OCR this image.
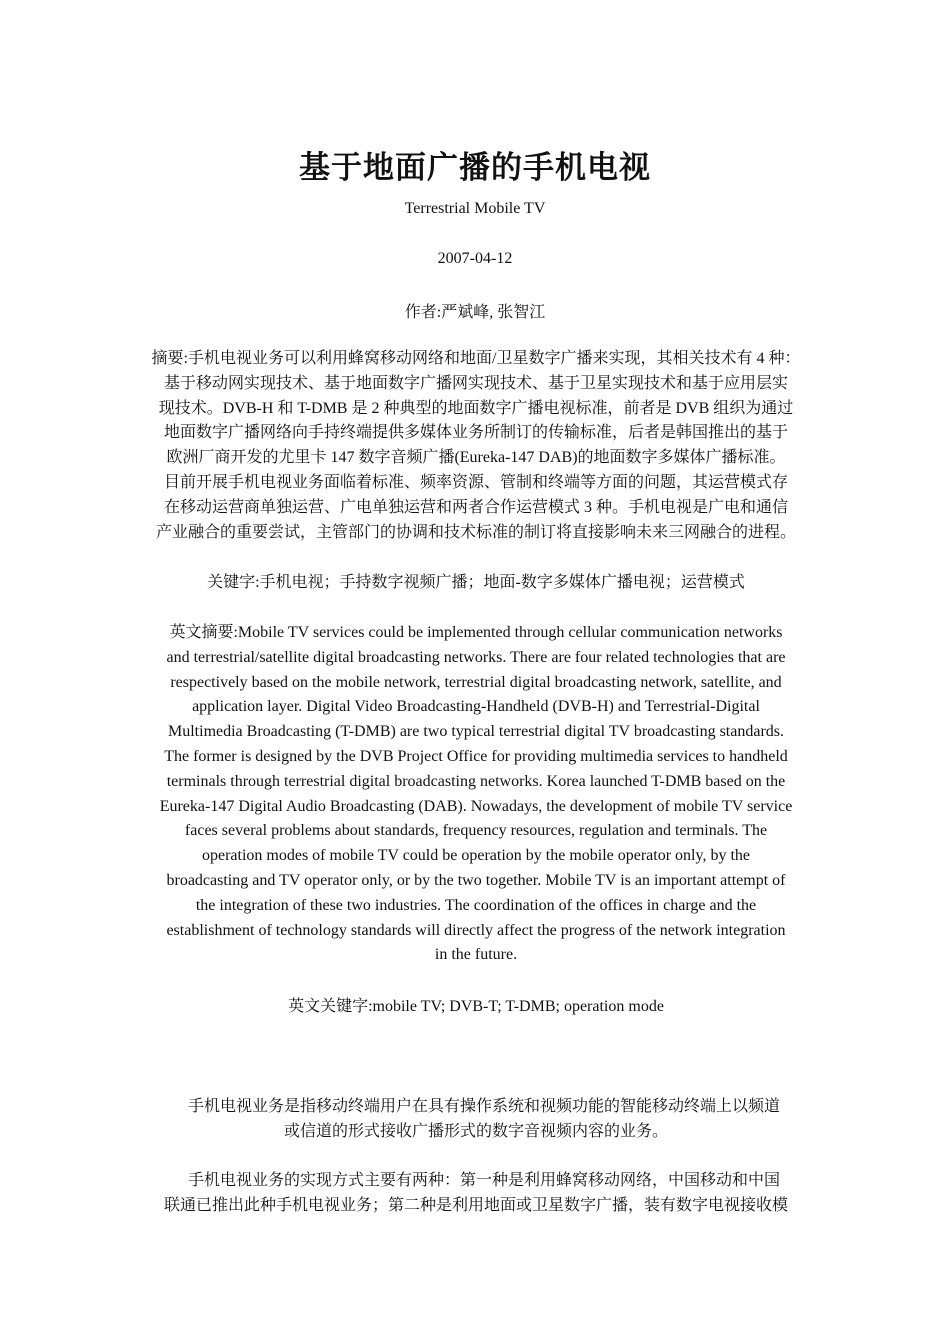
基于地面广播的手机电视
Terrestrial Mobile TV
2007-04-12
作者:严斌峰, 张智江
摘要:手机电视业务可以利用蜂窝移动网络和地面/卫星数字广播来实现，其相关技术有 4 种：
基于移动网实现技术、基于地面数字广播网实现技术、基于卫星实现技术和基于应用层实
现技术。DVB-H 和 T-DMB 是 2 种典型的地面数字广播电视标准，前者是 DVB 组织为通过
地面数字广播网络向手持终端提供多媒体业务所制订的传输标准，后者是韩国推出的基于
欧洲厂商开发的尤里卡 147 数字音频广播(Eureka-147 DAB)的地面数字多媒体广播标准。
目前开展手机电视业务面临着标准、频率资源、管制和终端等方面的问题，其运营模式存
在移动运营商单独运营、广电单独运营和两者合作运营模式 3 种。手机电视是广电和通信
产业融合的重要尝试，主管部门的协调和技术标准的制订将直接影响未来三网融合的进程。
关键字:手机电视；手持数字视频广播；地面-数字多媒体广播电视；运营模式
英文摘要:Mobile TV services could be implemented through cellular communication networks
and terrestrial/satellite digital broadcasting networks. There are four related technologies that are
respectively based on the mobile network, terrestrial digital broadcasting network, satellite, and
application layer. Digital Video Broadcasting-Handheld (DVB-H) and Terrestrial-Digital
Multimedia Broadcasting (T-DMB) are two typical terrestrial digital TV broadcasting standards.
The former is designed by the DVB Project Office for providing multimedia services to handheld
terminals through terrestrial digital broadcasting networks. Korea launched T-DMB based on the
Eureka-147 Digital Audio Broadcasting (DAB). Nowadays, the development of mobile TV service
faces several problems about standards, frequency resources, regulation and terminals. The
operation modes of mobile TV could be operation by the mobile operator only, by the
broadcasting and TV operator only, or by the two together. Mobile TV is an important attempt of
the integration of these two industries. The coordination of the offices in charge and the
establishment of technology standards will directly affect the progress of the network integration
in the future.
英文关键字:mobile TV; DVB-T; T-DMB; operation mode
　手机电视业务是指移动终端用户在具有操作系统和视频功能的智能移动终端上以频道
或信道的形式接收广播形式的数字音视频内容的业务。
　手机电视业务的实现方式主要有两种：第一种是利用蜂窝移动网络，中国移动和中国
联通已推出此种手机电视业务；第二种是利用地面或卫星数字广播，装有数字电视接收模
